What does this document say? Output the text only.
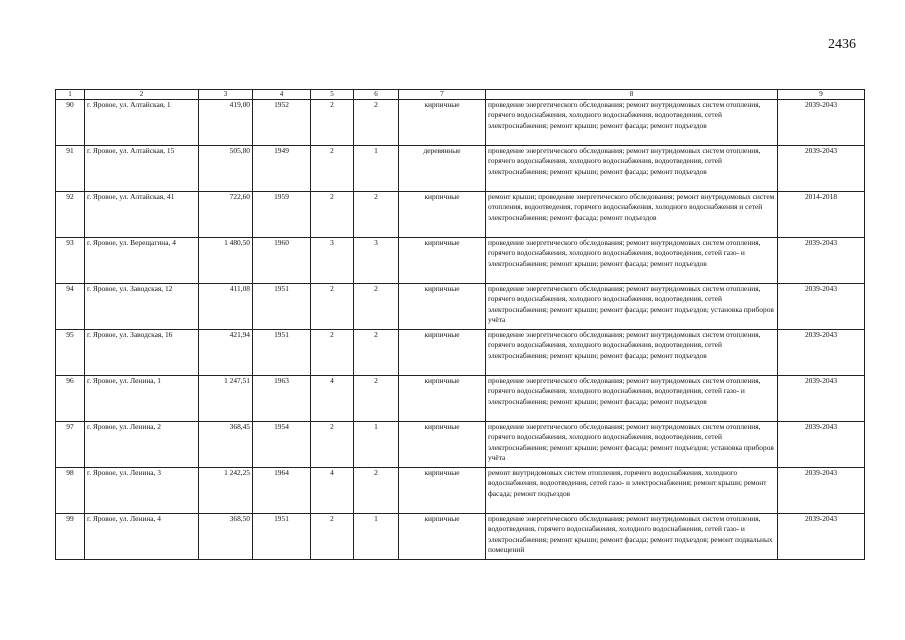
2436
1	2	3	4	5	6	7	8	9
90	г. Яровое, ул. Алтайская, 1	419,00	1952	2	2	кирпичные	проведение энергетического обследования; ремонт внутридомовых систем отопления, горячего водоснабжения, холодного водоснабжения, водоотведения, сетей электроснабжения; ремонт крыши; ремонт фасада; ремонт подъездов	2039-2043
91	г. Яровое, ул. Алтайская, 15	505,80	1949	2	1	деревянные	проведение энергетического обследования; ремонт внутридомовых систем отопления, горячего водоснабжения, холодного водоснабжения, водоотведения, сетей электроснабжения; ремонт крыши; ремонт фасада; ремонт подъездов	2039-2043
92	г. Яровое, ул. Алтайская, 41	722,60	1959	2	2	кирпичные	ремонт крыши; проведение энергетического обследования; ремонт внутридомовых систем отопления, водоотведения, горячего водоснабжения, холодного водоснабжения и сетей электроснабжения; ремонт фасада; ремонт подъездов	2014-2018
93	г. Яровое, ул. Верещагина, 4	1 480,50	1960	3	3	кирпичные	проведение энергетического обследования; ремонт внутридомовых систем отопления, горячего водоснабжения, холодного водоснабжения, водоотведения, сетей газо- и электроснабжения; ремонт крыши; ремонт фасада; ремонт подъездов	2039-2043
94	г. Яровое, ул. Заводская, 12	411,08	1951	2	2	кирпичные	проведение энергетического обследования; ремонт внутридомовых систем отопления, горячего водоснабжения, холодного водоснабжения, водоотведения, сетей электроснабжения; ремонт крыши; ремонт фасада; ремонт подъездов; установка приборов учёта	2039-2043
95	г. Яровое, ул. Заводская, 16	421,94	1951	2	2	кирпичные	проведение энергетического обследования; ремонт внутридомовых систем отопления, горячего водоснабжения, холодного водоснабжения, водоотведения, сетей электроснабжения; ремонт крыши; ремонт фасада; ремонт подъездов	2039-2043
96	г. Яровое, ул. Ленина, 1	1 247,51	1963	4	2	кирпичные	проведение энергетического обследования; ремонт внутридомовых систем отопления, горячего водоснабжения, холодного водоснабжения, водоотведения, сетей газо- и электроснабжения; ремонт крыши; ремонт фасада; ремонт подъездов	2039-2043
97	г. Яровое, ул. Ленина, 2	368,45	1954	2	1	кирпичные	проведение энергетического обследования; ремонт внутридомовых систем отопления, горячего водоснабжения, холодного водоснабжения, водоотведения, сетей электроснабжения; ремонт крыши; ремонт фасада; ремонт подъездов; установка приборов учёта	2039-2043
98	г. Яровое, ул. Ленина, 3	1 242,25	1964	4	2	кирпичные	ремонт внутридомовых систем отопления, горячего водоснабжения, холодного водоснабжения, водоотведения, сетей газо- и электроснабжения; ремонт крыши; ремонт фасада; ремонт подъездов	2039-2043
99	г. Яровое, ул. Ленина, 4	368,50	1951	2	1	кирпичные	проведение энергетического обследования; ремонт внутридомовых систем отопления, водоотведения, горячего водоснабжения, холодного водоснабжения, сетей газо- и электроснабжения; ремонт крыши; ремонт фасада; ремонт подъездов; ремонт подвальных помещений	2039-2043
